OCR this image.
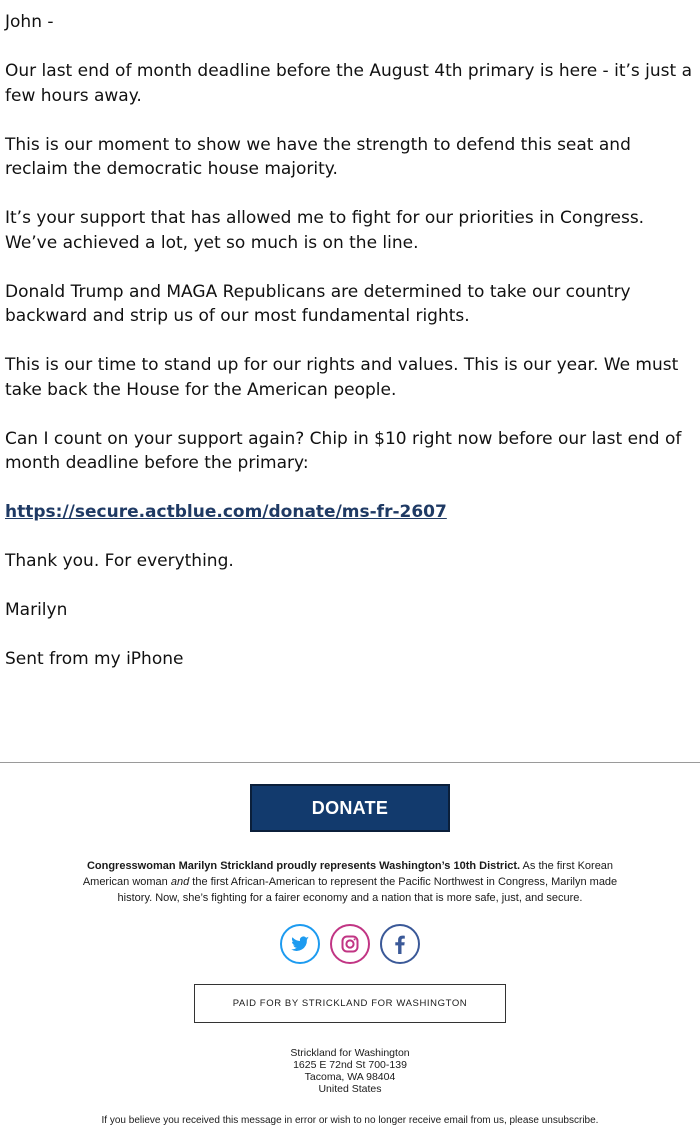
John -

Our last end of month deadline before the August 4th primary is here - it’s just a few hours away.

This is our moment to show we have the strength to defend this seat and reclaim the democratic house majority.

It’s your support that has allowed me to fight for our priorities in Congress. We’ve achieved a lot, yet so much is on the line.

Donald Trump and MAGA Republicans are determined to take our country backward and strip us of our most fundamental rights.

This is our time to stand up for our rights and values. This is our year. We must take back the House for the American people.

Can I count on your support again? Chip in $10 right now before our last end of month deadline before the primary:

https://secure.actblue.com/donate/ms-fr-2607

Thank you. For everything.

Marilyn

Sent from my iPhone

DONATE
Congresswoman Marilyn Strickland proudly represents Washington’s 10th District. As the first Korean American woman and the first African-American to represent the Pacific Northwest in Congress, Marilyn made history. Now, she’s fighting for a fairer economy and a nation that is more safe, just, and secure.

PAID FOR BY STRICKLAND FOR WASHINGTON
Strickland for Washington
1625 E 72nd St 700-139
Tacoma, WA 98404
United States
If you believe you received this message in error or wish to no longer receive email from us, please unsubscribe.
